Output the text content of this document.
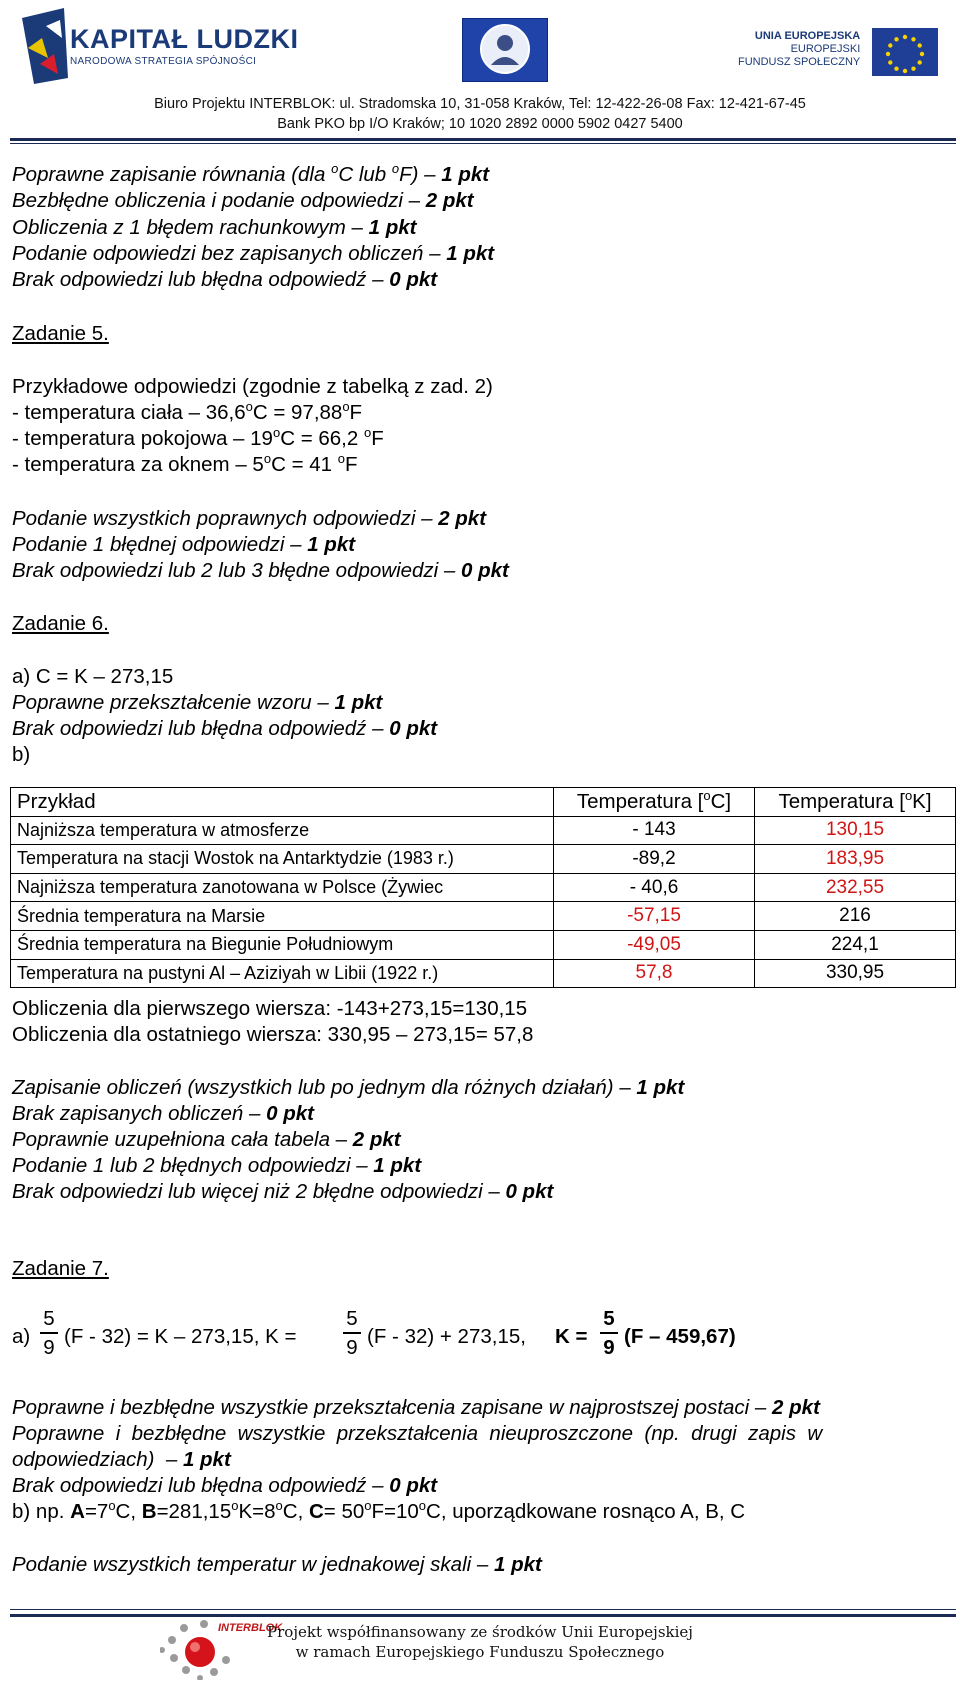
KAPITAŁ LUDZKI
NARODOWA STRATEGIA SPÓJNOŚCI
UNIA EUROPEJSKA
EUROPEJSKI
FUNDUSZ SPOŁECZNY
Biuro Projektu INTERBLOK: ul. Stradomska 10, 31-058 Kraków, Tel: 12-422-26-08 Fax: 12-421-67-45
Bank PKO bp I/O Kraków; 10 1020 2892 0000 5902 0427 5400
Poprawne zapisanie równania (dla $^o$C lub $^o$F) – 1 pkt
Bezbłędne obliczenia i podanie odpowiedzi – 2 pkt
Obliczenia z 1 błędem rachunkowym – 1 pkt
Podanie odpowiedzi bez zapisanych obliczeń – 1 pkt
Brak odpowiedzi lub błędna odpowiedź – 0 pkt
Zadanie 5.
Przykładowe odpowiedzi (zgodnie z tabelką z zad. 2)
- temperatura ciała – $36,6^oC = 97,88^oF$
- temperatura pokojowa – $19^oC = 66,2$ $^o$F
- temperatura za oknem – $5^oC = 41$ $^o$F
Podanie wszystkich poprawnych odpowiedzi – 2 pkt
Podanie 1 błędnej odpowiedzi – 1 pkt
Brak odpowiedzi lub 2 lub 3 błędne odpowiedzi – 0 pkt
Zadanie 6.
a) C = K – 273,15
Poprawne przekształcenie wzoru – 1 pkt
Brak odpowiedzi lub błędna odpowiedź – 0 pkt
b)
Przykład	Temperatura [$^o$C]	Temperatura [$^o$K]
Najniższa temperatura w atmosferze	- 143	130,15
Temperatura na stacji Wostok na Antarktydzie (1983 r.)	-89,2	183,95
Najniższa temperatura zanotowana w Polsce (Żywiec	- 40,6	232,55
Średnia temperatura na Marsie	-57,15	216
Średnia temperatura na Biegunie Południowym	-49,05	224,1
Temperatura na pustyni Al – Aziziyah w Libii (1922 r.)	57,8	330,95
Obliczenia dla pierwszego wiersza: -143+273,15=130,15
Obliczenia dla ostatniego wiersza: 330,95 – 273,15= 57,8
Zapisanie obliczeń (wszystkich lub po jednym dla różnych działań) – 1 pkt
Brak zapisanych obliczeń – 0 pkt
Poprawnie uzupełniona cała tabela – 2 pkt
Podanie 1 lub 2 błędnych odpowiedzi – 1 pkt
Brak odpowiedzi lub więcej niż 2 błędne odpowiedzi – 0 pkt
Zadanie 7.
a)
5
9 (F - 32) = K – 273,15, K =
5
9 (F - 32) + 273,15, K =
5
9 (F – 459,67)
Poprawne i bezbłędne wszystkie przekształcenia zapisane w najprostszej postaci – 2 pkt
Poprawne  i  bezbłędne  wszystkie  przekształcenia  nieuproszczone  (np.  drugi  zapis  w
odpowiedziach)  – 1 pkt
Brak odpowiedzi lub błędna odpowiedź – 0 pkt
b) np. $A=7^oC$, $B=281,15^oK=8^oC$, $C= 50^oF=10^oC$, uporządkowane rosnąco A, B, C
Podanie wszystkich temperatur w jednakowej skali – 1 pkt
INTERBLOK
Projekt współfinansowany ze środków Unii Europejskiej
w ramach Europejskiego Funduszu Społecznego
